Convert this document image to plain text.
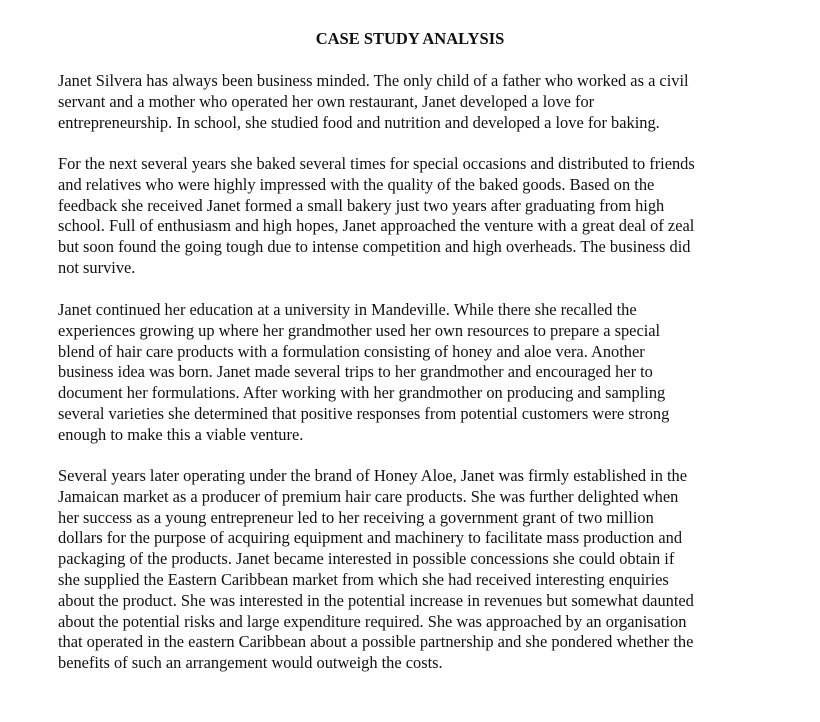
CASE STUDY ANALYSIS

Janet Silvera has always been business minded. The only child of a father who worked as a civil
servant and a mother who operated her own restaurant, Janet developed a love for
entrepreneurship. In school, she studied food and nutrition and developed a love for baking.

For the next several years she baked several times for special occasions and distributed to friends
and relatives who were highly impressed with the quality of the baked goods. Based on the
feedback she received Janet formed a small bakery just two years after graduating from high
school. Full of enthusiasm and high hopes, Janet approached the venture with a great deal of zeal
but soon found the going tough due to intense competition and high overheads. The business did
not survive.

Janet continued her education at a university in Mandeville. While there she recalled the
experiences growing up where her grandmother used her own resources to prepare a special
blend of hair care products with a formulation consisting of honey and aloe vera. Another
business idea was born. Janet made several trips to her grandmother and encouraged her to
document her formulations. After working with her grandmother on producing and sampling
several varieties she determined that positive responses from potential customers were strong
enough to make this a viable venture.

Several years later operating under the brand of Honey Aloe, Janet was firmly established in the
Jamaican market as a producer of premium hair care products. She was further delighted when
her success as a young entrepreneur led to her receiving a government grant of two million
dollars for the purpose of acquiring equipment and machinery to facilitate mass production and
packaging of the products. Janet became interested in possible concessions she could obtain if
she supplied the Eastern Caribbean market from which she had received interesting enquiries
about the product. She was interested in the potential increase in revenues but somewhat daunted
about the potential risks and large expenditure required. She was approached by an organisation
that operated in the eastern Caribbean about a possible partnership and she pondered whether the
benefits of such an arrangement would outweigh the costs.
